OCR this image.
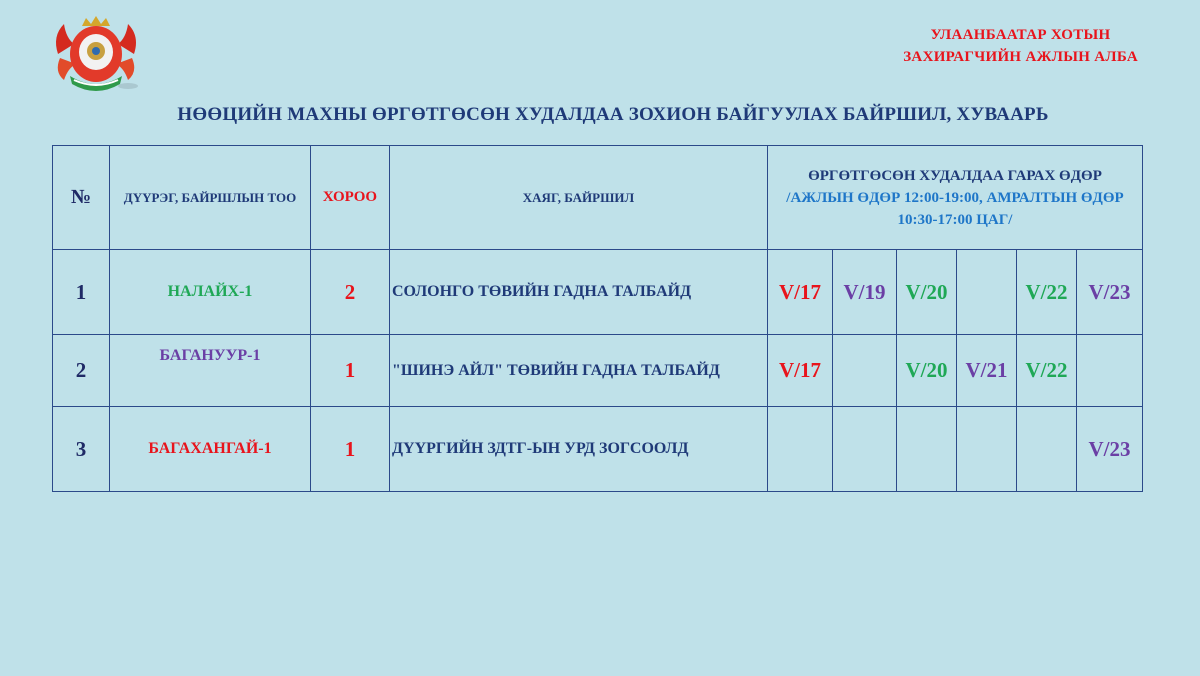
УЛААНБААТАР ХОТЫН
ЗАХИРАГЧИЙН АЖЛЫН АЛБА
НӨӨЦИЙН МАХНЫ ӨРГӨТГӨСӨН ХУДАЛДАА ЗОХИОН БАЙГУУЛАХ БАЙРШИЛ, ХУВААРЬ
№	ДҮҮРЭГ, БАЙРШЛЫН ТОО	ХОРОО	ХАЯГ, БАЙРШИЛ	ӨРГӨТГӨСӨН ХУДАЛДАА ГАРАХ ӨДӨР
/АЖЛЫН ӨДӨР 12:00-19:00, АМРАЛТЫН ӨДӨР 10:30-17:00 ЦАГ/					

1	НАЛАЙХ-1	2	СОЛОНГО ТӨВИЙН ГАДНА ТАЛБАЙД	V/17	V/19	V/20		V/22	V/23
2	БАГАНУУР-1	1	"ШИНЭ АЙЛ" ТӨВИЙН ГАДНА ТАЛБАЙД	V/17		V/20	V/21	V/22	
3	БАГАХАНГАЙ-1	1	ДҮҮРГИЙН ЗДТГ-ЫН УРД ЗОГСООЛД						V/23
